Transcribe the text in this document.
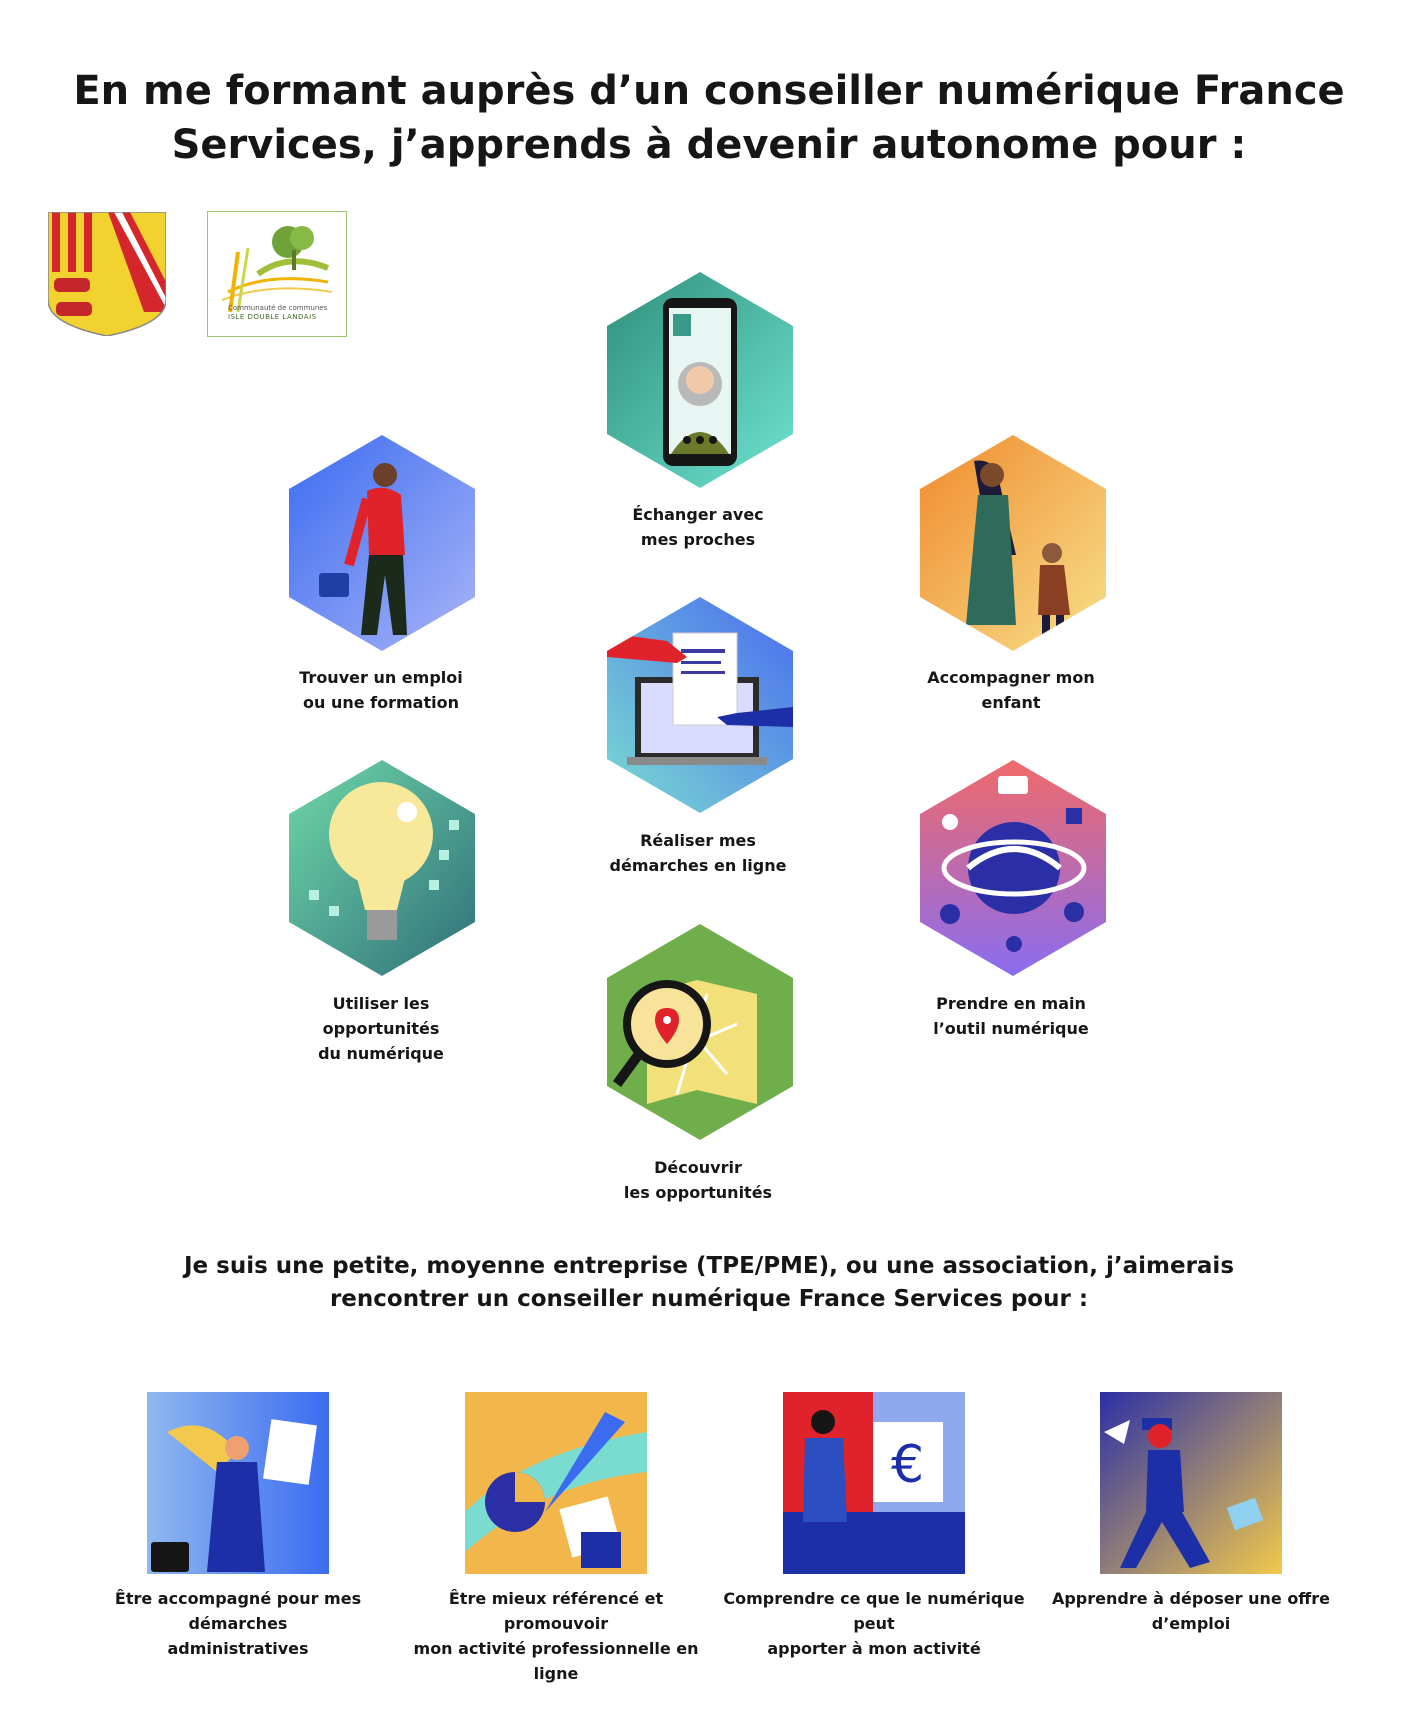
En me formant auprès d’un conseiller numérique France
Services, j’apprends à devenir autonome pour :
Communauté de communes
ISLE DOUBLE LANDAIS
Échanger avec
mes proches
Trouver un emploi
ou une formation
Accompagner mon
enfant
Réaliser mes
démarches en ligne
Utiliser les
opportunités
du numérique
Prendre en main
l’outil numérique
Découvrir
les opportunités
Je suis une petite, moyenne entreprise (TPE/PME), ou une association, j’aimerais
rencontrer un conseiller numérique France Services pour :
€
Être accompagné pour mes démarches
administratives
Être mieux référencé et promouvoir
mon activité professionnelle en ligne
Comprendre ce que le numérique peut
apporter à mon activité
Apprendre à déposer une offre
d’emploi
